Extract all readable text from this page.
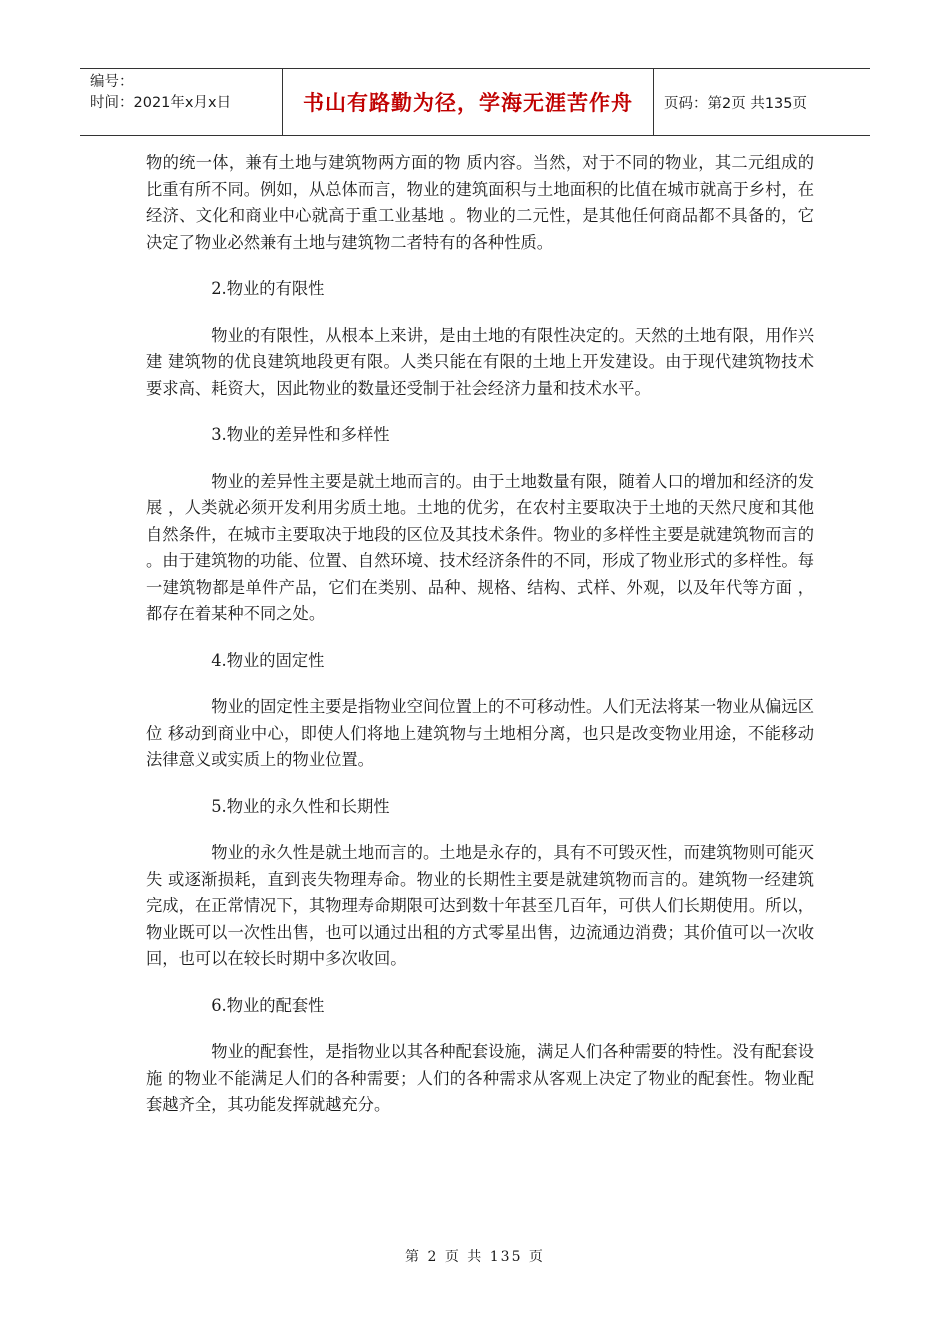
编号：
时间：2021年x月x日	书山有路勤为径，学海无涯苦作舟 页码：第2页 共135页

物的统一体，兼有土地与建筑物两方面的物 质内容。当然，对于不同的物业，其二元组成的比重有所不同。例如，从总体而言，物业的建筑面积与土地面积的比值在城市就高于乡村，在经济、文化和商业中心就高于重工业基地 。物业的二元性，是其他任何商品都不具备的，它决定了物业必然兼有土地与建筑物二者特有的各种性质。

2.物业的有限性

物业的有限性，从根本上来讲，是由土地的有限性决定的。天然的土地有限，用作兴建 建筑物的优良建筑地段更有限。人类只能在有限的土地上开发建设。由于现代建筑物技术要求高、耗资大，因此物业的数量还受制于社会经济力量和技术水平。

3.物业的差异性和多样性

物业的差异性主要是就土地而言的。由于土地数量有限，随着人口的增加和经济的发展 ，人类就必须开发利用劣质土地。土地的优劣，在农村主要取决于土地的天然尺度和其他自然条件，在城市主要取决于地段的区位及其技术条件。物业的多样性主要是就建筑物而言的 。由于建筑物的功能、位置、自然环境、技术经济条件的不同，形成了物业形式的多样性。每一建筑物都是单件产品，它们在类别、品种、规格、结构、式样、外观，以及年代等方面 ，都存在着某种不同之处。

4.物业的固定性

物业的固定性主要是指物业空间位置上的不可移动性。人们无法将某一物业从偏远区位 移动到商业中心，即使人们将地上建筑物与土地相分离，也只是改变物业用途，不能移动法律意义或实质上的物业位置。

5.物业的永久性和长期性

物业的永久性是就土地而言的。土地是永存的，具有不可毁灭性，而建筑物则可能灭失 或逐渐损耗，直到丧失物理寿命。物业的长期性主要是就建筑物而言的。建筑物一经建筑完成，在正常情况下，其物理寿命期限可达到数十年甚至几百年，可供人们长期使用。所以， 物业既可以一次性出售，也可以通过出租的方式零星出售，边流通边消费；其价值可以一次收回，也可以在较长时期中多次收回。

6.物业的配套性

物业的配套性，是指物业以其各种配套设施，满足人们各种需要的特性。没有配套设施 的物业不能满足人们的各种需要；人们的各种需求从客观上决定了物业的配套性。物业配套越齐全，其功能发挥就越充分。

第 2 页 共 135 页
